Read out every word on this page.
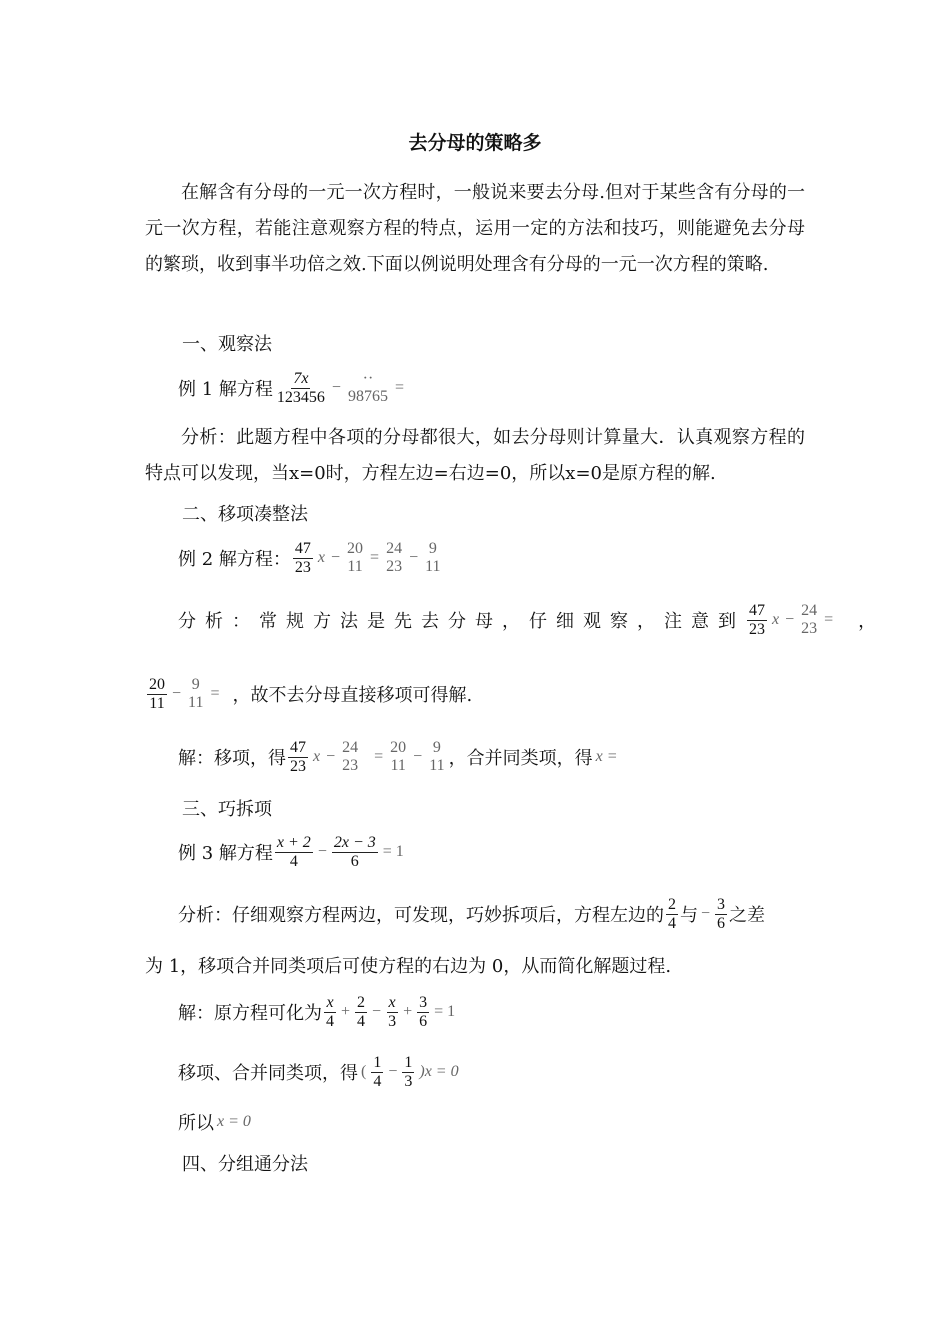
去分母的策略多
在解含有分母的一元一次方程时，一般说来要去分母.但对于某些含有分母的一元一次方程，若能注意观察方程的特点，运用一定的方法和技巧，则能避免去分母的繁琐，收到事半功倍之效.下面以例说明处理含有分母的一元一次方程的策略.
一、观察法
例 1 解方程 $\frac{7x}{123456}$ −
··
98765
=
分析：此题方程中各项的分母都很大，如去分母则计算量大．认真观察方程的特点可以发现，当x=0时，方程左边=右边=0，所以x=0是原方程的解.
二、移项凑整法
例 2 解方程： $\frac{47}{23}$ x −
20
11
=
24
23
−
9
11
分析：常规方法是先去分母，仔细观察，注意到 $\frac{47}{23}$ x −
24
23
= ，
$\frac{20}{11}$ −
9
11
= ，故不去分母直接移项可得解.
解：移项，得 $\frac{47}{23}$ x −
24
23
=
20
11
−
9
11 ，合并同类项，得 x =
三、巧拆项
例 3 解方程 $\frac{x + 2}{4} - \frac{2x - 3}{6} = 1$
分析：仔细观察方程两边，可发现，巧妙拆项后，方程左边的 $\frac{2}{4}$ 与 − $\frac{3}{6}$ 之差
为 1，移项合并同类项后可使方程的右边为 0，从而简化解题过程.
解：原方程可化为 $\frac{x}{4} + \frac{2}{4} - \frac{x}{3} + \frac{3}{6} = 1$
移项、合并同类项，得 ( $\frac{1}{4} - \frac{1}{3} )x = 0$
所以 x = 0
四、分组通分法
